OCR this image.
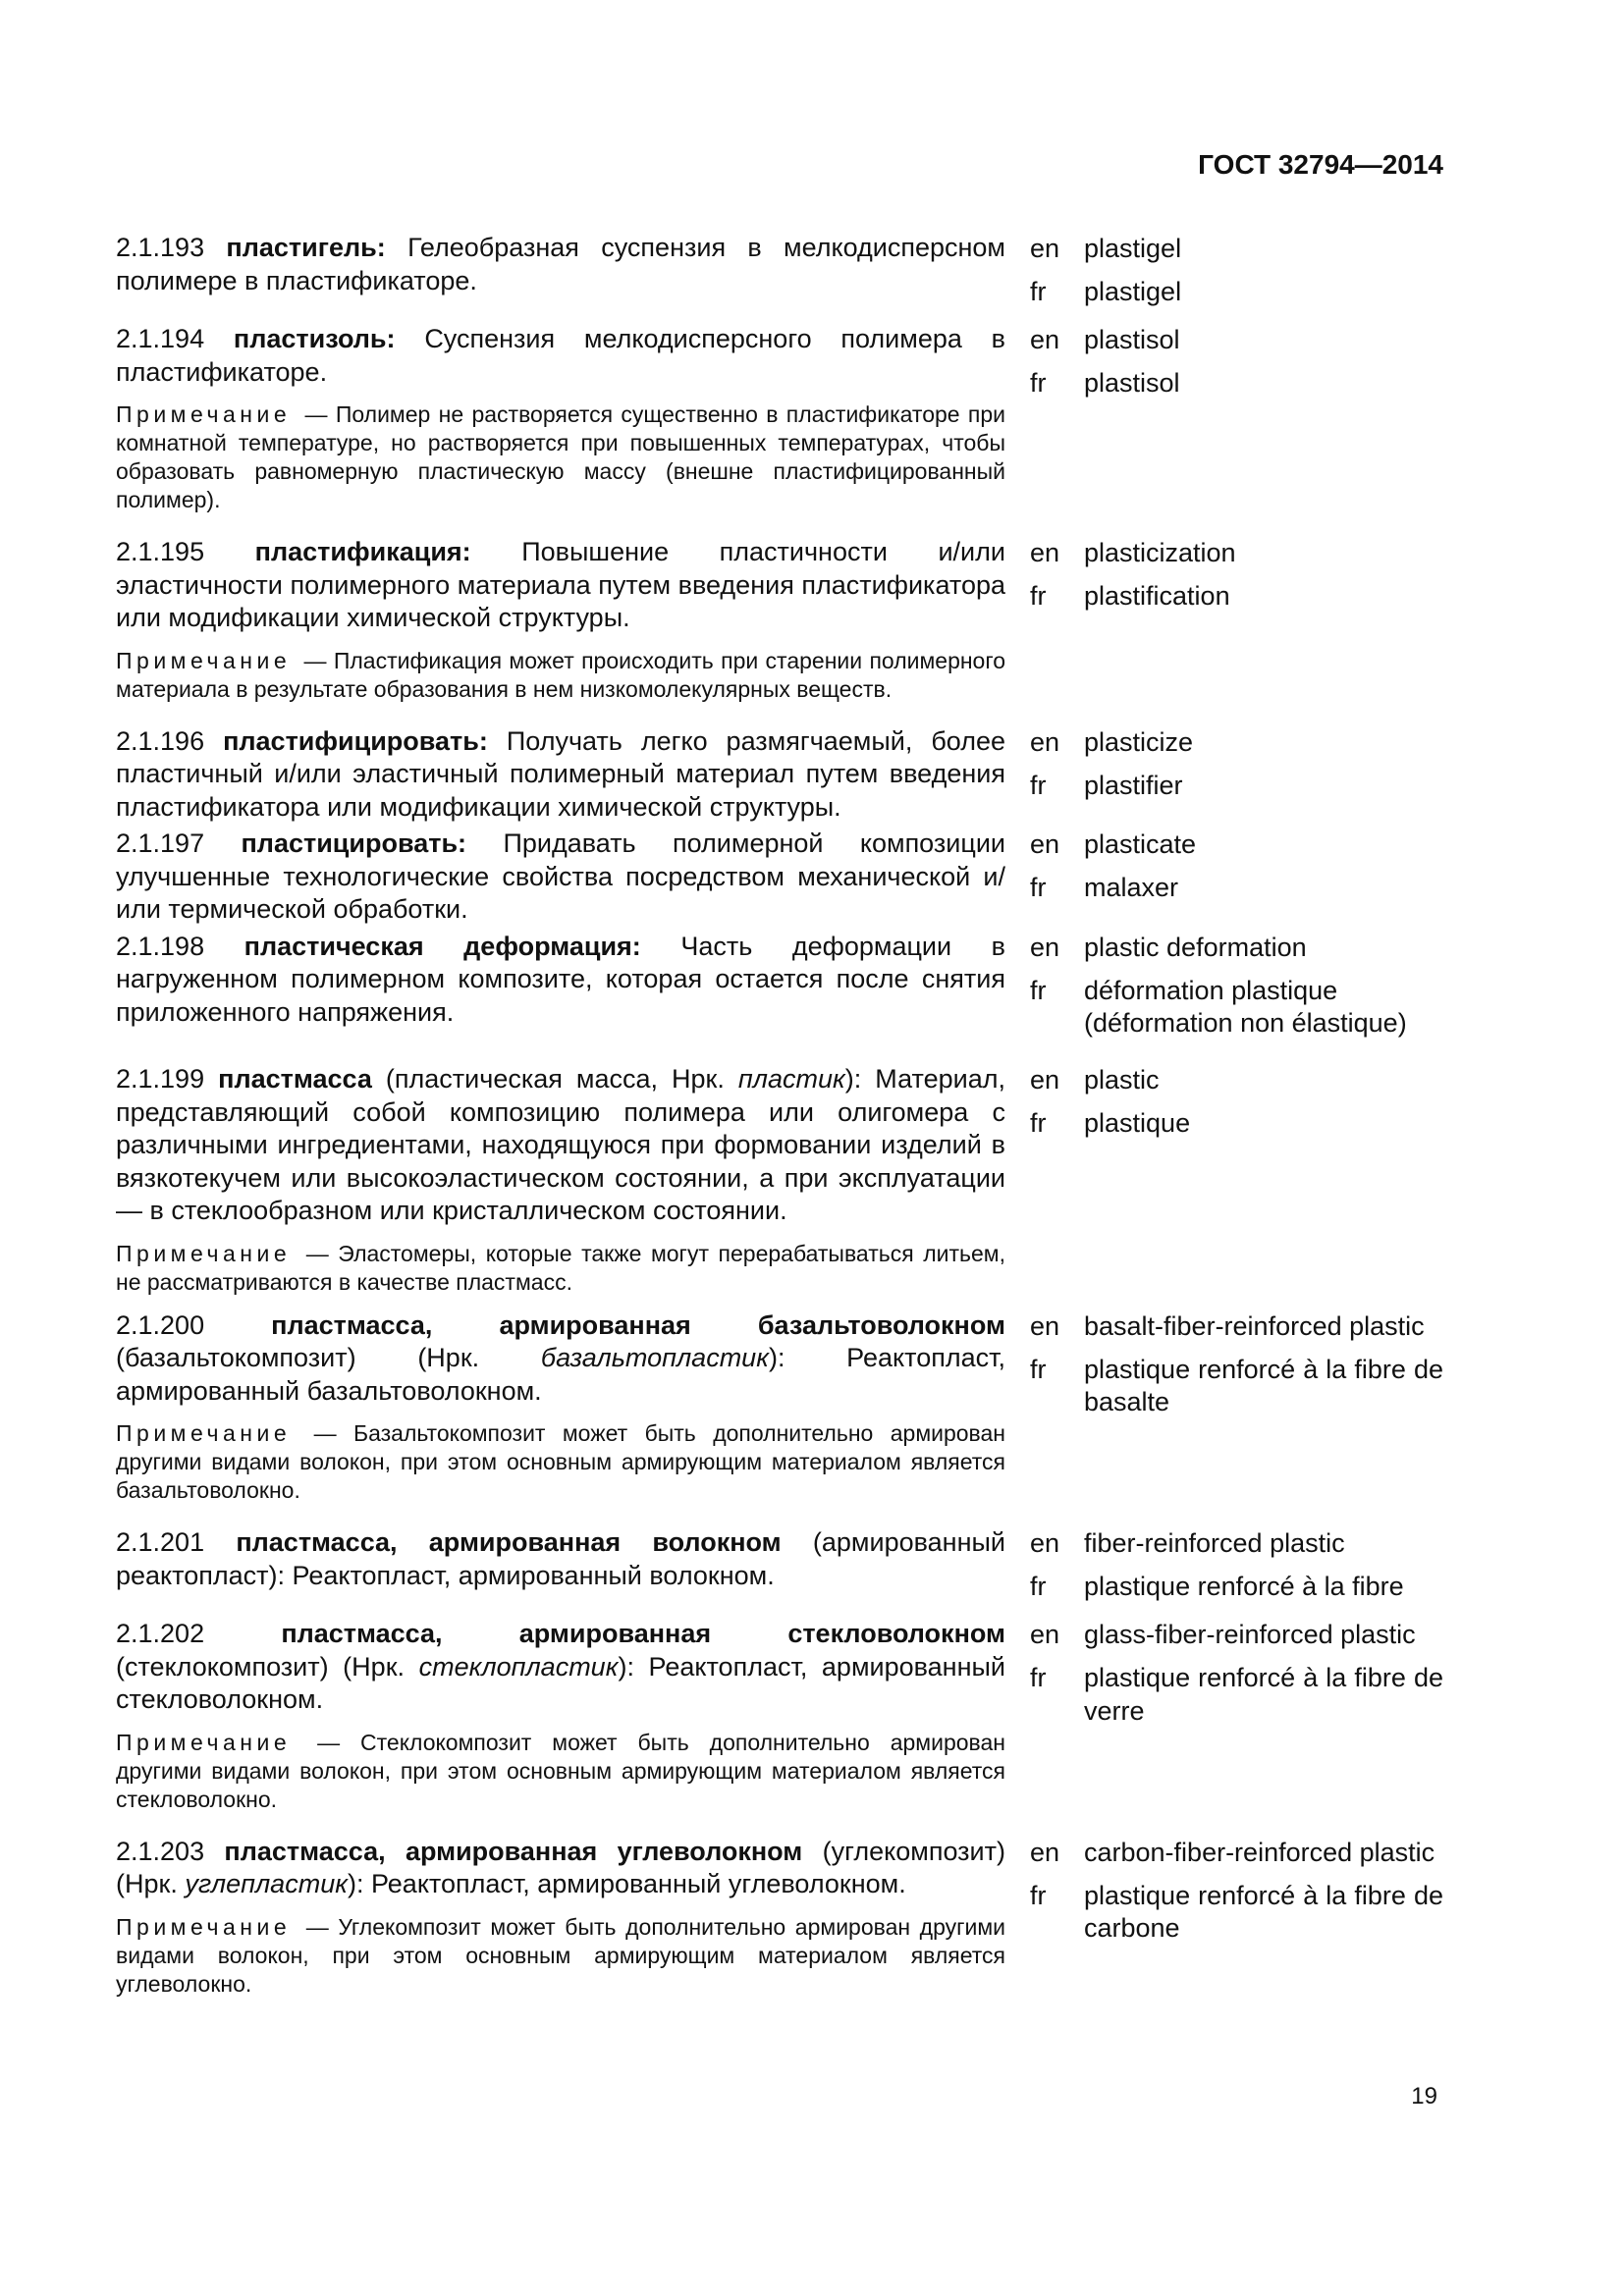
ГОСТ 32794—2014
2.1.193 пластигель: Гелеобразная суспензия в мелкодисперсном полимере в пластификаторе.
en plastigel
fr	plastigel
2.1.194 пластизоль: Суспензия мелкодисперсного полимера в пластификаторе.
Примечание — Полимер не растворяется существенно в пластификаторе при комнатной температуре, но растворяется при повышенных температурах, чтобы образовать равномерную пластическую массу (внешне пластифицированный полимер).
en plastisol
fr	plastisol
2.1.195 пластификация: Повышение пластичности и/или эластичности полимерного материала путем введения пластификатора или модификации химической структуры.
Примечание — Пластификация может происходить при старении полимерного материала в результате образования в нем низкомолекулярных веществ.
en plasticization
fr	plastification
2.1.196 пластифицировать: Получать легко размягчаемый, более пластичный и/или эластичный полимерный материал путем введения пластификатора или модификации химической структуры.
en plasticize
fr	plastifier
2.1.197 пластицировать: Придавать полимерной композиции улучшенные технологические свойства посредством механической и/или термической обработки.
en plasticate
fr	malaxer
2.1.198 пластическая деформация: Часть деформации в нагруженном полимерном композите, которая остается после снятия приложенного напряжения.
en plastic deformation
fr	déformation plastique (déformation non élastique)
2.1.199 пластмасса (пластическая масса, Нрк. пластик): Материал, представляющий собой композицию полимера или олигомера с различными ингредиентами, находящуюся при формовании изделий в вязкотекучем или высокоэластическом состоянии, а при эксплуатации — в стеклообразном или кристаллическом состоянии.
Примечание — Эластомеры, которые также могут перерабатываться литьем, не рассматриваются в качестве пластмасс.
en plastic
fr	plastique
2.1.200	пластмасса, армированная базальтоволокном (базальтокомпозит) (Нрк. базальтопластик): Реактопласт, армированный базальтоволокном.
Примечание — Базальтокомпозит может быть дополнительно армирован другими видами волокон, при этом основным армирующим материалом является базальтоволокно.
en basalt-fiber-reinforced plastic
fr	plastique renforcé à la fibre de basalte
2.1.201 пластмасса, армированная волокном (армированный реактопласт): Реактопласт, армированный волокном.
en fiber-reinforced plastic
fr	plastique renforcé à la fibre
2.1.202	пластмасса, армированная стекловолокном (стеклокомпозит) (Нрк. стеклопластик): Реактопласт, армированный стекловолокном.
Примечание — Стеклокомпозит может быть дополнительно армирован другими видами волокон, при этом основным армирующим материалом является стекловолокно.
en glass-fiber-reinforced plastic
fr	plastique renforcé à la fibre de verre
2.1.203 пластмасса, армированная углеволокном (углекомпозит) (Нрк. углепластик): Реактопласт, армированный углеволокном.
Примечание — Углекомпозит может быть дополнительно армирован другими видами волокон, при этом основным армирующим материалом является углеволокно.
en carbon-fiber-reinforced plastic
fr	plastique renforcé à la fibre de carbone
19
